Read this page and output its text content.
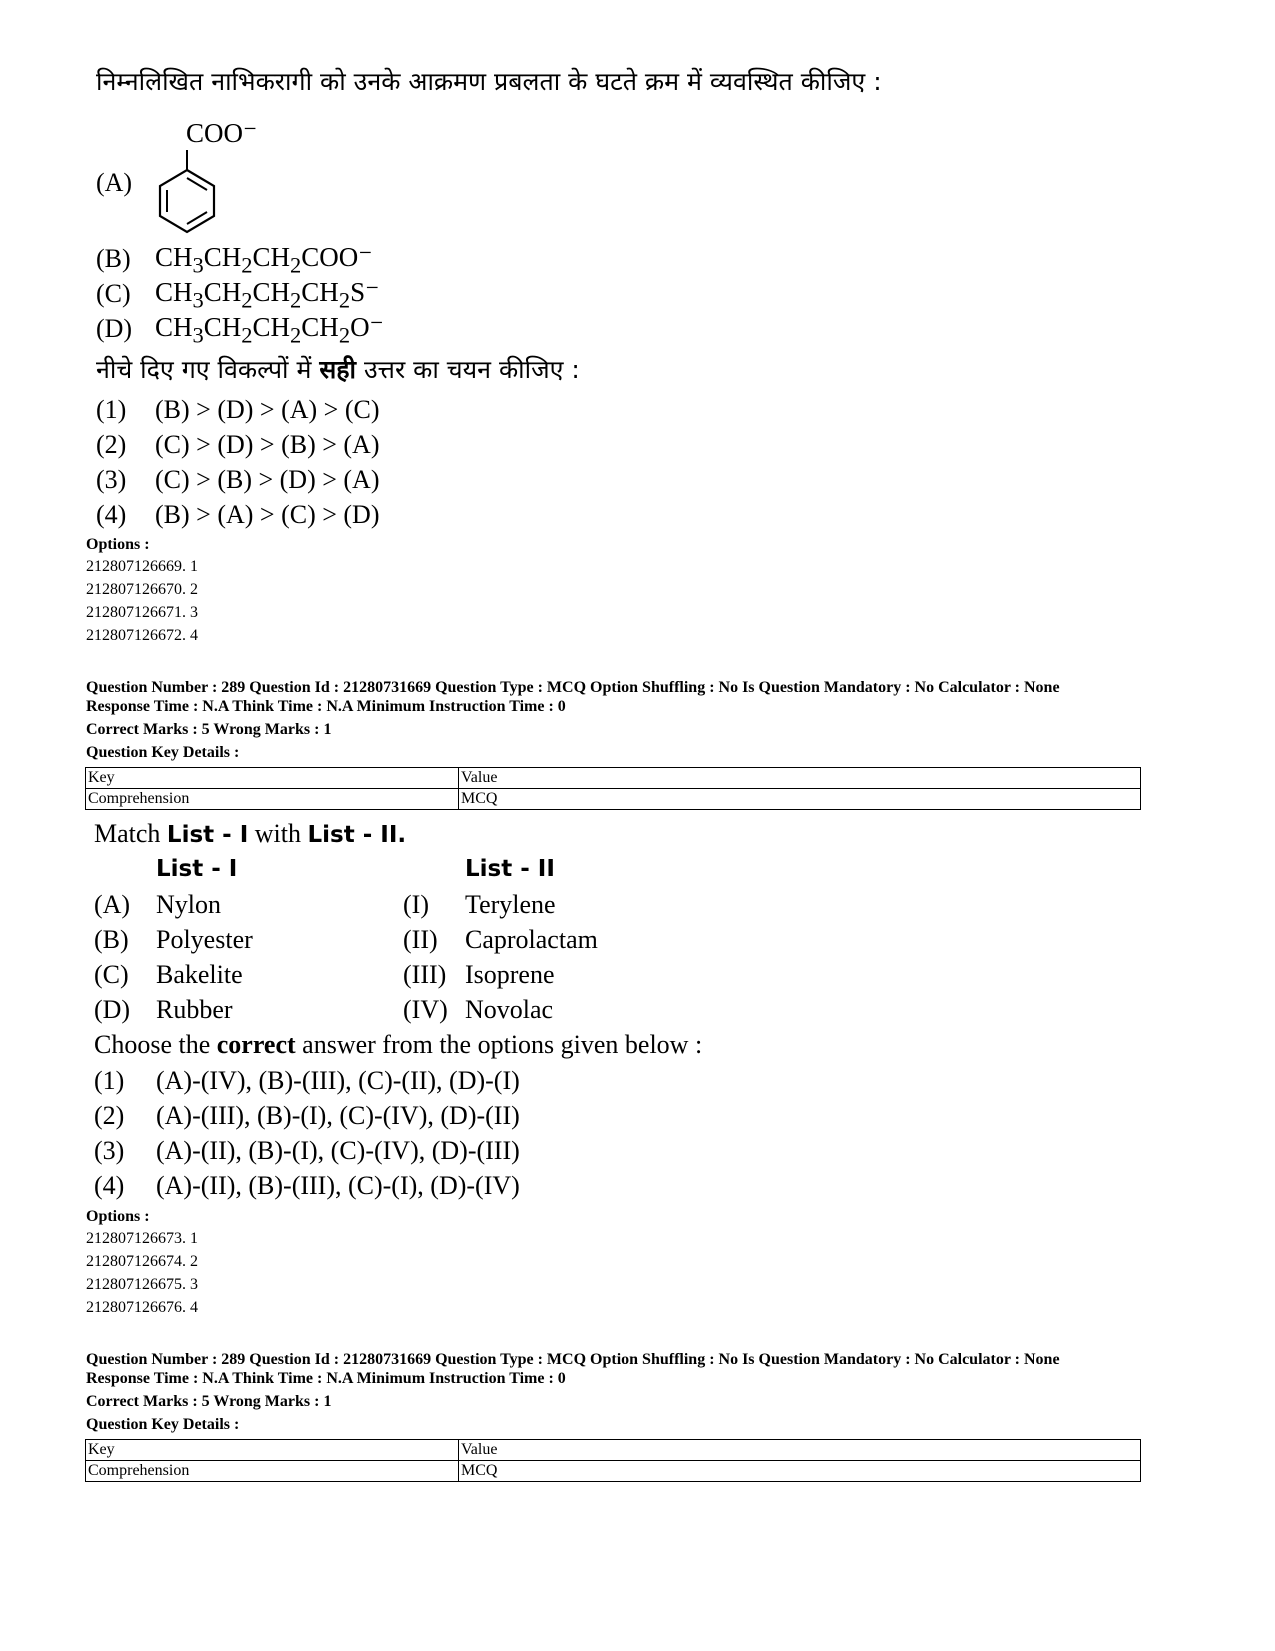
निम्नलिखित नाभिकरागी को उनके आक्रमण प्रबलता के घटते क्रम में व्यवस्थित कीजिए :
(A)
COO⁻
(B) $CH_3CH_2CH_2COO^-$
(C) $CH_3CH_2CH_2CH_2S^-$
(D) $CH_3CH_2CH_2CH_2O^-$
नीचे दिए गए विकल्पों में सही उत्तर का चयन कीजिए :
(1) (B) > (D) > (A) > (C)
(2) (C) > (D) > (B) > (A)
(3) (C) > (B) > (D) > (A)
(4) (B) > (A) > (C) > (D)
Options :
212807126669. 1
212807126670. 2
212807126671. 3
212807126672. 4
Question Number : 289 Question Id : 21280731669 Question Type : MCQ Option Shuffling : No Is Question Mandatory : No Calculator : None
Response Time : N.A Think Time : N.A Minimum Instruction Time : 0
Correct Marks : 5 Wrong Marks : 1
Question Key Details :
Key	Value
Comprehension	MCQ
Match List - I with List - II.
List - I	List - II
(A) Nylon	(I) Terylene
(B) Polyester	(II) Caprolactam
(C) Bakelite	(III) Isoprene
(D) Rubber	(IV) Novolac
Choose the correct answer from the options given below :
(1) (A)-(IV), (B)-(III), (C)-(II), (D)-(I)
(2) (A)-(III), (B)-(I), (C)-(IV), (D)-(II)
(3) (A)-(II), (B)-(I), (C)-(IV), (D)-(III)
(4) (A)-(II), (B)-(III), (C)-(I), (D)-(IV)
Options :
212807126673. 1
212807126674. 2
212807126675. 3
212807126676. 4
Question Number : 289 Question Id : 21280731669 Question Type : MCQ Option Shuffling : No Is Question Mandatory : No Calculator : None
Response Time : N.A Think Time : N.A Minimum Instruction Time : 0
Correct Marks : 5 Wrong Marks : 1
Question Key Details :
Key	Value
Comprehension	MCQ
